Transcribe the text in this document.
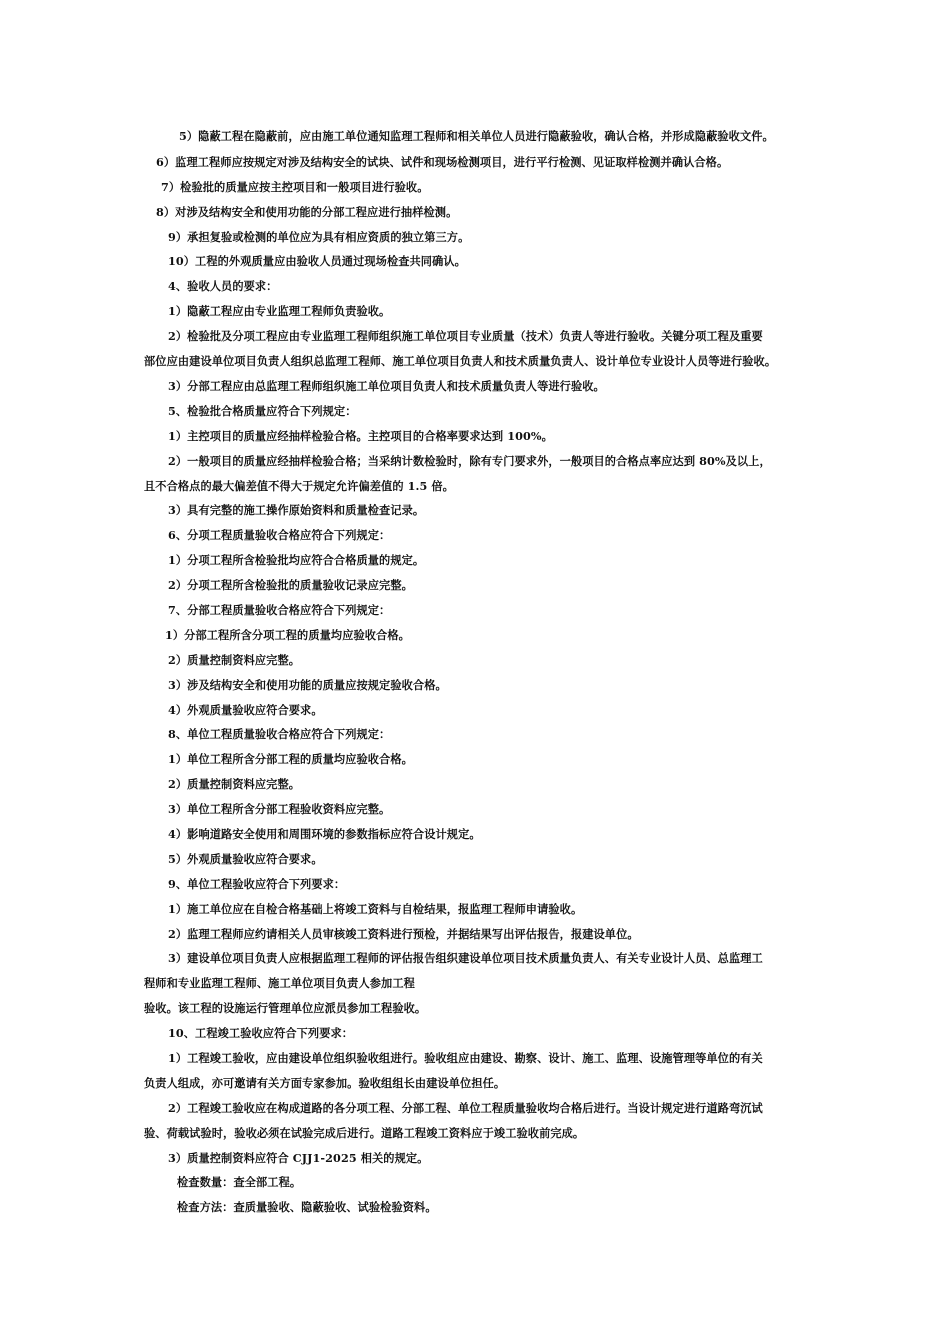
5）隐蔽工程在隐蔽前，应由施工单位通知监理工程师和相关单位人员进行隐蔽验收，确认合格，并形成隐蔽验收文件。
6）监理工程师应按规定对涉及结构安全的试块、试件和现场检测项目，进行平行检测、见证取样检测并确认合格。
7）检验批的质量应按主控项目和一般项目进行验收。
8）对涉及结构安全和使用功能的分部工程应进行抽样检测。
9）承担复验或检测的单位应为具有相应资质的独立第三方。
10）工程的外观质量应由验收人员通过现场检查共同确认。
4、验收人员的要求：
1）隐蔽工程应由专业监理工程师负责验收。
2）检验批及分项工程应由专业监理工程师组织施工单位项目专业质量（技术）负责人等进行验收。关键分项工程及重要
部位应由建设单位项目负责人组织总监理工程师、施工单位项目负责人和技术质量负责人、设计单位专业设计人员等进行验收。
3）分部工程应由总监理工程师组织施工单位项目负责人和技术质量负责人等进行验收。
5、检验批合格质量应符合下列规定：
1）主控项目的质量应经抽样检验合格。主控项目的合格率要求达到 100%。
2）一般项目的质量应经抽样检验合格；当采纳计数检验时，除有专门要求外，一般项目的合格点率应达到 80%及以上，
且不合格点的最大偏差值不得大于规定允许偏差值的 1.5 倍。
3）具有完整的施工操作原始资料和质量检查记录。
6、分项工程质量验收合格应符合下列规定：
1）分项工程所含检验批均应符合合格质量的规定。
2）分项工程所含检验批的质量验收记录应完整。
7、分部工程质量验收合格应符合下列规定：
1）分部工程所含分项工程的质量均应验收合格。
2）质量控制资料应完整。
3）涉及结构安全和使用功能的质量应按规定验收合格。
4）外观质量验收应符合要求。
8、单位工程质量验收合格应符合下列规定：
1）单位工程所含分部工程的质量均应验收合格。
2）质量控制资料应完整。
3）单位工程所含分部工程验收资料应完整。
4）影响道路安全使用和周围环境的参数指标应符合设计规定。
5）外观质量验收应符合要求。
9、单位工程验收应符合下列要求：
1）施工单位应在自检合格基础上将竣工资料与自检结果，报监理工程师申请验收。
2）监理工程师应约请相关人员审核竣工资料进行预检，并据结果写出评估报告，报建设单位。
3）建设单位项目负责人应根据监理工程师的评估报告组织建设单位项目技术质量负责人、有关专业设计人员、总监理工
程师和专业监理工程师、施工单位项目负责人参加工程
验收。该工程的设施运行管理单位应派员参加工程验收。
10、工程竣工验收应符合下列要求：
1）工程竣工验收，应由建设单位组织验收组进行。验收组应由建设、勘察、设计、施工、监理、设施管理等单位的有关
负责人组成，亦可邀请有关方面专家参加。验收组组长由建设单位担任。
2）工程竣工验收应在构成道路的各分项工程、分部工程、单位工程质量验收均合格后进行。当设计规定进行道路弯沉试
验、荷载试验时，验收必须在试验完成后进行。道路工程竣工资料应于竣工验收前完成。
3）质量控制资料应符合 CJJ1-2025 相关的规定。
检查数量：查全部工程。
检查方法：查质量验收、隐蔽验收、试验检验资料。
